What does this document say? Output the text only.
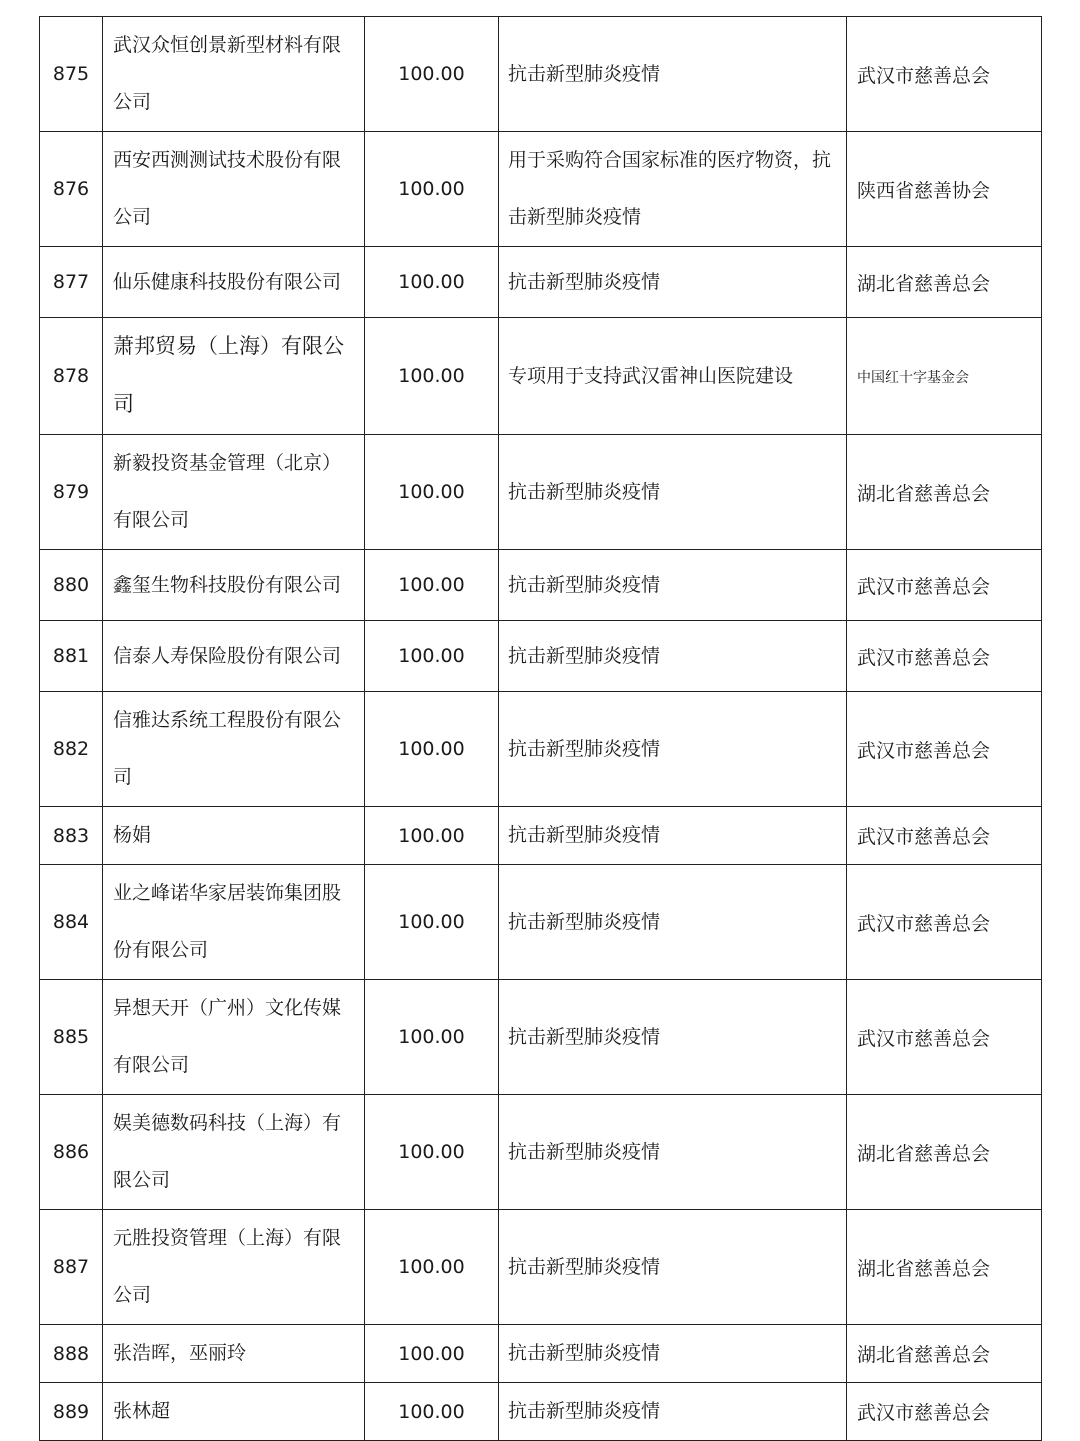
875	武汉众恒创景新型材料有限公司	100.00	抗击新型肺炎疫情	武汉市慈善总会
876	西安西测测试技术股份有限公司	100.00	用于采购符合国家标准的医疗物资，抗击新型肺炎疫情	陕西省慈善协会
877	仙乐健康科技股份有限公司	100.00	抗击新型肺炎疫情	湖北省慈善总会
878	萧邦贸易（上海）有限公司	100.00	专项用于支持武汉雷神山医院建设	中国红十字基金会
879	新毅投资基金管理（北京）有限公司	100.00	抗击新型肺炎疫情	湖北省慈善总会
880	鑫玺生物科技股份有限公司	100.00	抗击新型肺炎疫情	武汉市慈善总会
881	信泰人寿保险股份有限公司	100.00	抗击新型肺炎疫情	武汉市慈善总会
882	信雅达系统工程股份有限公司	100.00	抗击新型肺炎疫情	武汉市慈善总会
883	杨娟	100.00	抗击新型肺炎疫情	武汉市慈善总会
884	业之峰诺华家居装饰集团股份有限公司	100.00	抗击新型肺炎疫情	武汉市慈善总会
885	异想天开（广州）文化传媒有限公司	100.00	抗击新型肺炎疫情	武汉市慈善总会
886	娱美德数码科技（上海）有限公司	100.00	抗击新型肺炎疫情	湖北省慈善总会
887	元胜投资管理（上海）有限公司	100.00	抗击新型肺炎疫情	湖北省慈善总会
888	张浩晖，巫丽玲	100.00	抗击新型肺炎疫情	湖北省慈善总会
889	张林超	100.00	抗击新型肺炎疫情	武汉市慈善总会
